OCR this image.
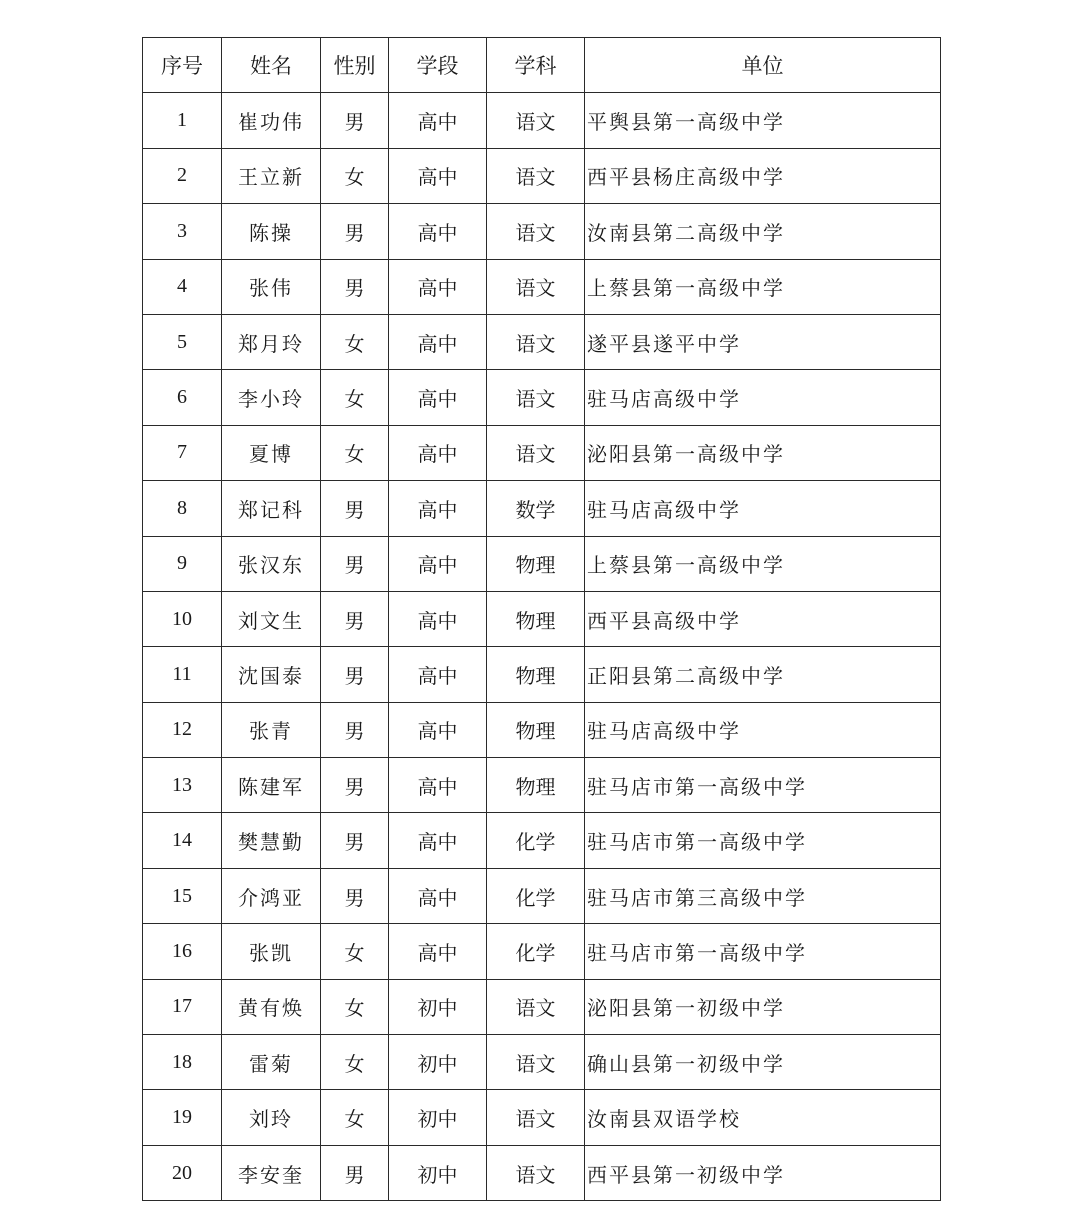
序号	姓名	性别	学段	学科	单位
1	崔功伟	男	高中	语文	平舆县第一高级中学
2	王立新	女	高中	语文	西平县杨庄高级中学
3	陈操	男	高中	语文	汝南县第二高级中学
4	张伟	男	高中	语文	上蔡县第一高级中学
5	郑月玲	女	高中	语文	遂平县遂平中学
6	李小玲	女	高中	语文	驻马店高级中学
7	夏博	女	高中	语文	泌阳县第一高级中学
8	郑记科	男	高中	数学	驻马店高级中学
9	张汉东	男	高中	物理	上蔡县第一高级中学
10	刘文生	男	高中	物理	西平县高级中学
11	沈国泰	男	高中	物理	正阳县第二高级中学
12	张青	男	高中	物理	驻马店高级中学
13	陈建军	男	高中	物理	驻马店市第一高级中学
14	樊慧勤	男	高中	化学	驻马店市第一高级中学
15	介鸿亚	男	高中	化学	驻马店市第三高级中学
16	张凯	女	高中	化学	驻马店市第一高级中学
17	黄有焕	女	初中	语文	泌阳县第一初级中学
18	雷菊	女	初中	语文	确山县第一初级中学
19	刘玲	女	初中	语文	汝南县双语学校
20	李安奎	男	初中	语文	西平县第一初级中学
